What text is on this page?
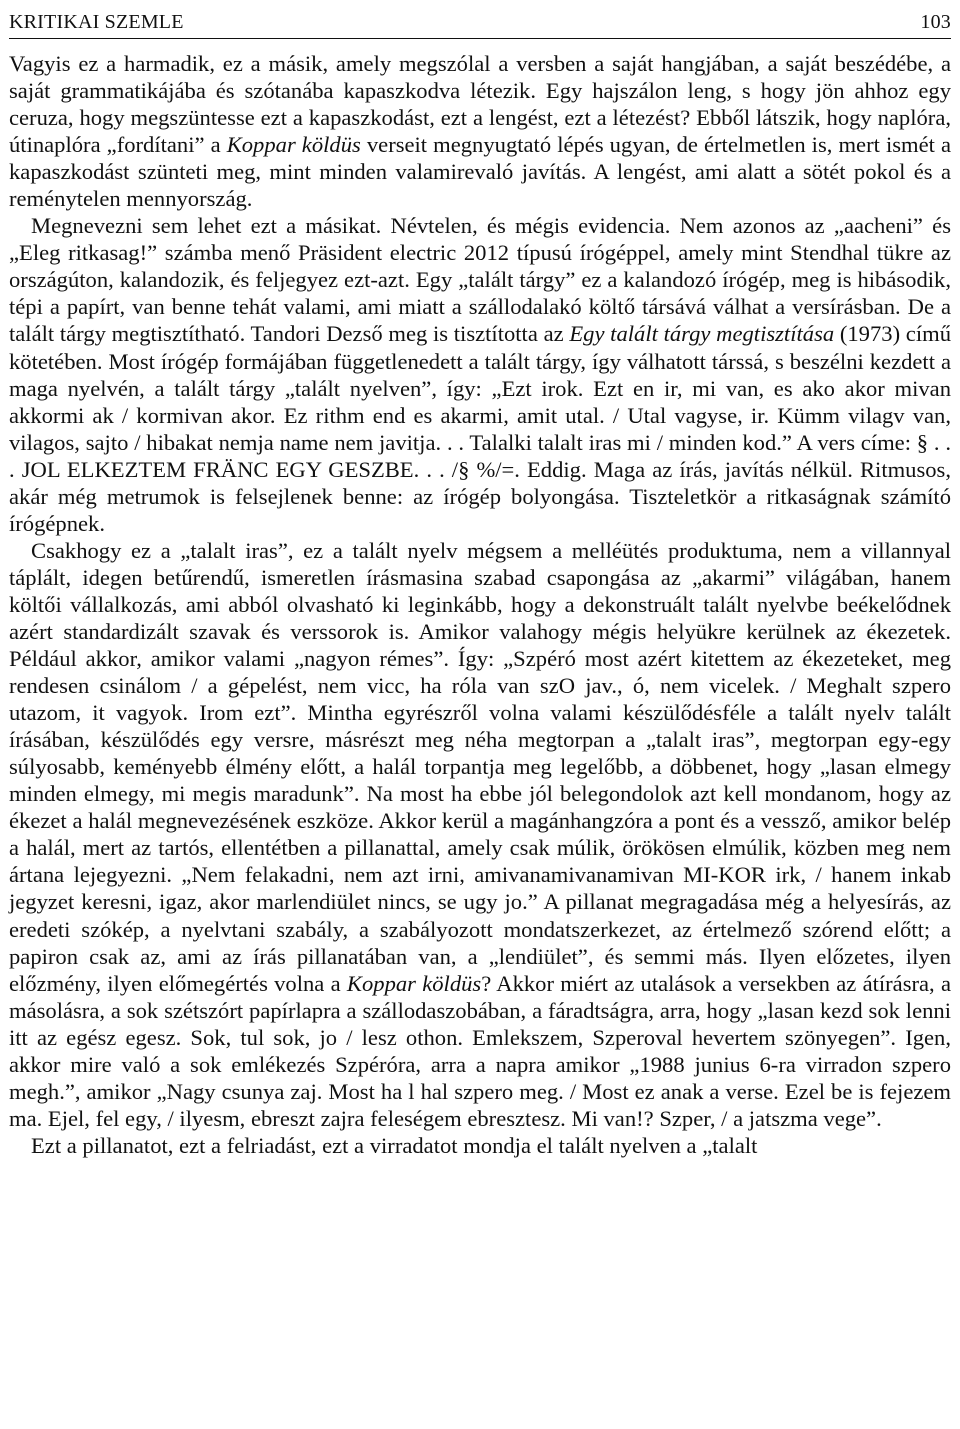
KRITIKAI SZEMLE	103

Vagyis ez a harmadik, ez a másik, amely megszólal a versben a saját hangjában, a saját beszédébe, a saját grammatikájába és szótanába kapaszkodva létezik. Egy hajszálon leng, s hogy jön ahhoz egy ceruza, hogy megszüntesse ezt a kapaszkodást, ezt a lengést, ezt a létezést? Ebből látszik, hogy naplóra, útinaplóra „fordítani” a Koppar köldüs verseit megnyugtató lépés ugyan, de értelmetlen is, mert ismét a kapaszkodást szünteti meg, mint minden valamirevaló javítás. A lengést, ami alatt a sötét pokol és a reménytelen mennyország.

Megnevezni sem lehet ezt a másikat. Névtelen, és mégis evidencia. Nem azonos az „aacheni” és „Eleg ritkasag!” számba menő Präsident electric 2012 típusú írógéppel, amely mint Stendhal tükre az országúton, kalandozik, és feljegyez ezt-azt. Egy „talált tárgy” ez a kalandozó írógép, meg is hibásodik, tépi a papírt, van benne tehát valami, ami miatt a szállodalakó költő társává válhat a versírásban. De a talált tárgy megtisztítható. Tandori Dezső meg is tisztította az Egy talált tárgy megtisztítása (1973) című kötetében. Most írógép formájában függetlenedett a talált tárgy, így válhatott társsá, s beszélni kezdett a maga nyelvén, a talált tárgy „talált nyelven”, így: „Ezt irok. Ezt en ir, mi van, es ako akor mivan akkormi ak / kormivan akor. Ez rithm end es akarmi, amit utal. / Utal vagyse, ir. Kümm vilagv van, vilagos, sajto / hibakat nemja name nem javitja. . . Talalki talalt iras mi / minden kod.” A vers címe: § . . . JOL ELKEZTEM FRÄNC EGY GESZBE. . . /§ %/=. Eddig. Maga az írás, javítás nélkül. Ritmusos, akár még metrumok is felsejlenek benne: az írógép bolyongása. Tiszteletkör a ritkaságnak számító írógépnek.

Csakhogy ez a „talalt iras”, ez a talált nyelv mégsem a melléütés produktuma, nem a villannyal táplált, idegen betűrendű, ismeretlen írásmasina szabad csapongása az „akarmi” világában, hanem költői vállalkozás, ami abból olvasható ki leginkább, hogy a dekonstruált talált nyelvbe beékelődnek azért standardizált szavak és verssorok is. Amikor valahogy mégis helyükre kerülnek az ékezetek. Például akkor, amikor valami „nagyon rémes”. Így: „Szpéró most azért kitettem az ékezeteket, meg rendesen csinálom / a gépelést, nem vicc, ha róla van szO jav., ó, nem vicelek. / Meghalt szpero utazom, it vagyok. Irom ezt”. Mintha egyrészről volna valami készülődésféle a talált nyelv talált írásában, készülődés egy versre, másrészt meg néha megtorpan a „talalt iras”, megtorpan egy-egy súlyosabb, keményebb élmény előtt, a halál torpantja meg legelőbb, a döbbenet, hogy „lasan elmegy minden elmegy, mi megis maradunk”. Na most ha ebbe jól belegondolok azt kell mondanom, hogy az ékezet a halál megnevezésének eszköze. Akkor kerül a magánhangzóra a pont és a vessző, amikor belép a halál, mert az tartós, ellentétben a pillanattal, amely csak múlik, örökösen elmúlik, közben meg nem ártana lejegyezni. „Nem felakadni, nem azt irni, amivanamivanamivan MI-KOR irk, / hanem inkab jegyzet keresni, igaz, akor marlendiület nincs, se ugy jo.” A pillanat megragadása még a helyesírás, az eredeti szókép, a nyelvtani szabály, a szabályozott mondatszerkezet, az értelmező szórend előtt; a papiron csak az, ami az írás pillanatában van, a „lendiület”, és semmi más. Ilyen előzetes, ilyen előzmény, ilyen előmegértés volna a Koppar köldüs? Akkor miért az utalások a versekben az átírásra, a másolásra, a sok szétszórt papírlapra a szállodaszobában, a fáradtságra, arra, hogy „lasan kezd sok lenni itt az egész egesz. Sok, tul sok, jo / lesz othon. Emlekszem, Szperoval hevertem szönyegen”. Igen, akkor mire való a sok emlékezés Szpéróra, arra a napra amikor „1988 junius 6-ra virradon szpero megh.”, amikor „Nagy csunya zaj. Most ha l hal szpero meg. / Most ez anak a verse. Ezel be is fejezem ma. Ejel, fel egy, / ilyesm, ebreszt zajra feleségem ebresztesz. Mi van!? Szper, / a jatszma vege”.

Ezt a pillanatot, ezt a felriadást, ezt a virradatot mondja el talált nyelven a „talalt
